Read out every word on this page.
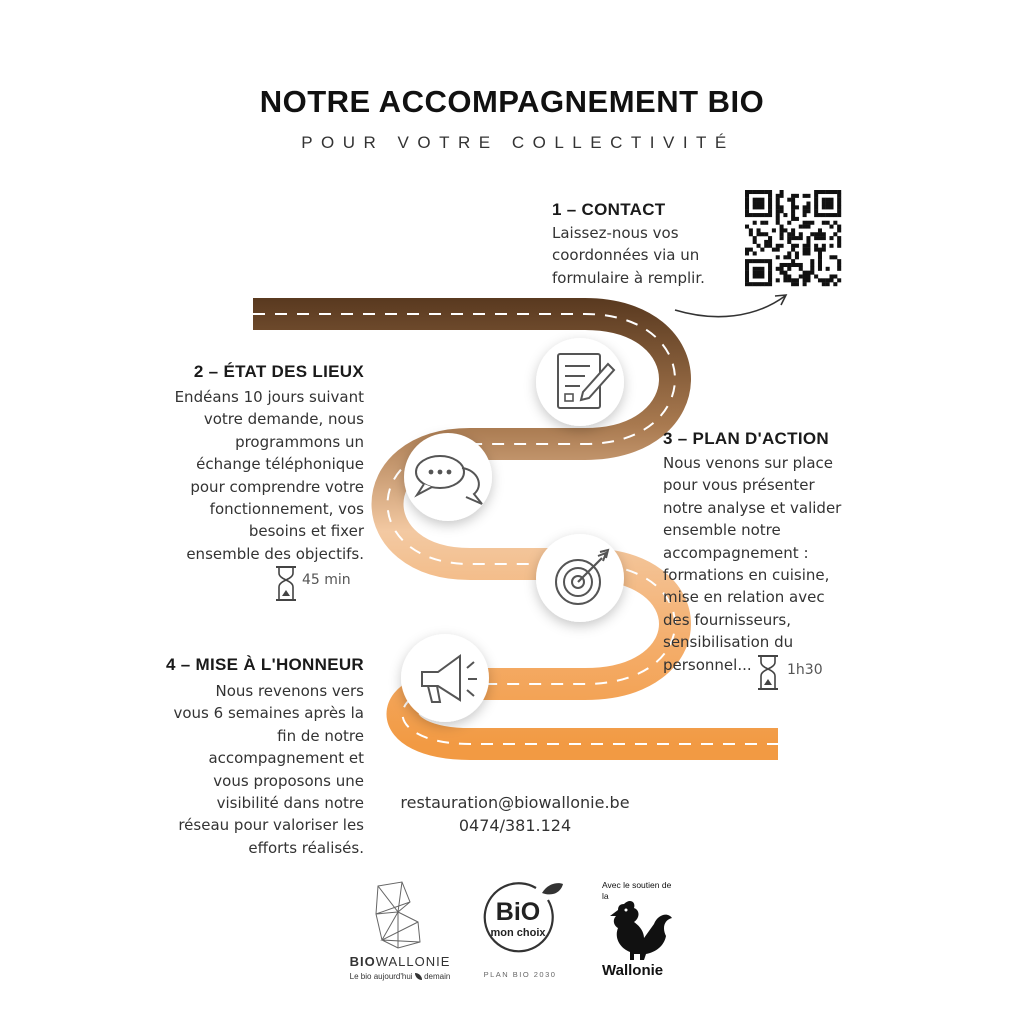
NOTRE ACCOMPAGNEMENT BIO
POUR VOTRE COLLECTIVITÉ
1 – CONTACT
Laissez-nous vos
coordonnées via un
formulaire à remplir.
2 – ÉTAT DES LIEUX
Endéans 10 jours suivant
votre demande, nous
programmons un
échange téléphonique
pour comprendre votre
fonctionnement, vos
besoins et fixer
ensemble des objectifs.
45 min
3 – PLAN D'ACTION
Nous venons sur place
pour vous présenter
notre analyse et valider
ensemble notre
accompagnement :
formations en cuisine,
mise en relation avec
des fournisseurs,
sensibilisation du
personnel...	1h30
4 – MISE À L'HONNEUR
Nous revenons vers
vous 6 semaines après la
fin de notre
accompagnement et
vous proposons une
visibilité dans notre
réseau pour valoriser les
efforts réalisés.
restauration@biowallonie.be
0474/381.124
BIOWALLONIE
Le bio aujourd'hui demain
BiO
mon choix
PLAN BIO 2030
Avec le soutien de
la
Wallonie
